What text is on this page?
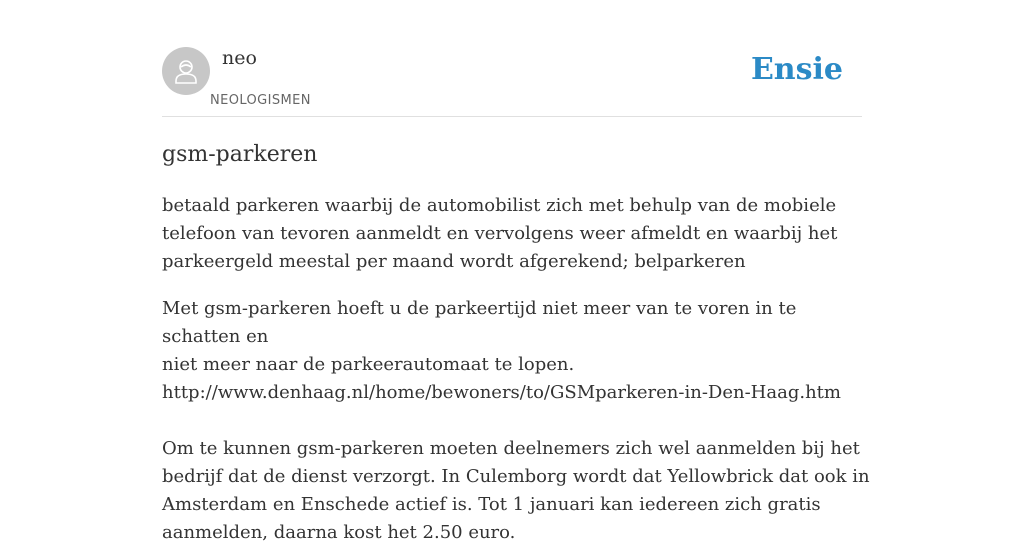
neo
NEOLOGISMEN
Ensie
gsm-parkeren

betaald parkeren waarbij de automobilist zich met behulp van de mobiele
telefoon van tevoren aanmeldt en vervolgens weer afmeldt en waarbij het
parkeergeld meestal per maand wordt afgerekend; belparkeren

Met gsm-parkeren hoeft u de parkeertijd niet meer van te voren in te schatten en
niet meer naar de parkeerautomaat te lopen.
http://www.denhaag.nl/home/bewoners/to/GSMparkeren-in-Den-Haag.htm

Om te kunnen gsm-parkeren moeten deelnemers zich wel aanmelden bij het
bedrijf dat de dienst verzorgt. In Culemborg wordt dat Yellowbrick dat ook in
Amsterdam en Enschede actief is. Tot 1 januari kan iedereen zich gratis
aanmelden, daarna kost het 2.50 euro.
